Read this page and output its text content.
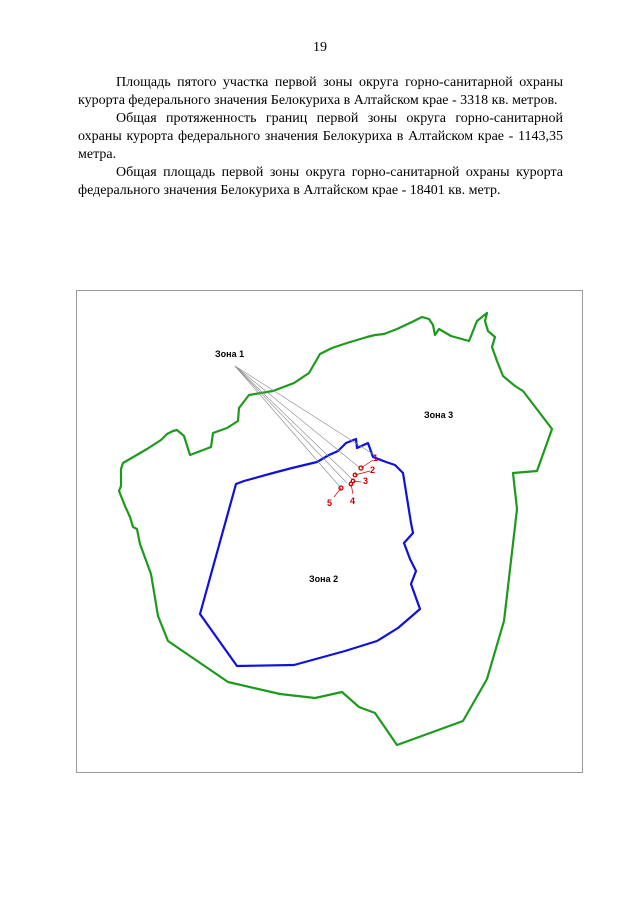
19

Площадь пятого участка первой зоны округа горно-санитарной охраны курорта федерального значения Белокуриха в Алтайском крае - 3318 кв. метров.

Общая протяженность границ первой зоны округа горно-санитарной охраны курорта федерального значения Белокуриха в Алтайском крае - 1143,35 метра.

Общая площадь первой зоны округа горно-санитарной охраны курорта федерального значения Белокуриха в Алтайском крае - 18401 кв. метр.

1
2
3
4
5
Зона 1
Зона 2
Зона 3
